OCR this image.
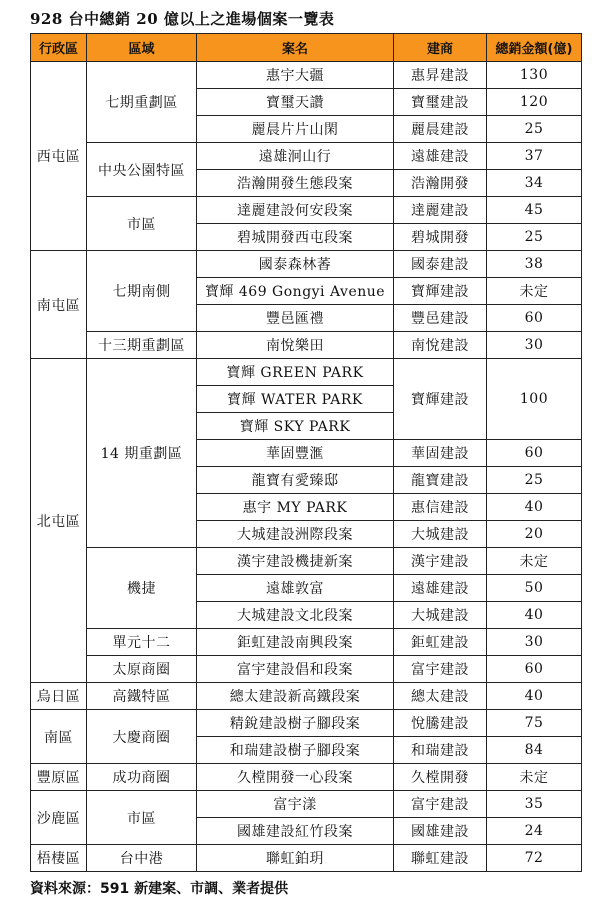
928 台中總銷 20 億以上之進場個案一覽表
行政區	區域	案名	建商	總銷金額(億)
西屯區	七期重劃區	惠宇大疆	惠昇建設	130
		寶璽天讚	寶璽建設	120
		麗晨片片山閑	麗晨建設	25
	中央公園特區	遠雄泂山行	遠雄建設	37
		浩瀚開發生態段案	浩瀚開發	34
	市區	達麗建設何安段案	達麗建設	45
		碧城開發西屯段案	碧城開發	25
南屯區	七期南側	國泰森林萫	國泰建設	38
		寶輝 469 Gongyi Avenue	寶輝建設	未定
		豐邑匯禮	豐邑建設	60
	十三期重劃區	南悅樂田	南悅建設	30
北屯區	14 期重劃區	寶輝 GREEN PARK	寶輝建設	100
		寶輝 WATER PARK		
		寶輝 SKY PARK		
		華固豐滙	華固建設	60
		龍寶有愛臻邸	龍寶建設	25
		惠宇 MY PARK	惠信建設	40
		大城建設洲際段案	大城建設	20
	機捷	漢宇建設機捷新案	漢宇建設	未定
		遠雄敦富	遠雄建設	50
		大城建設文北段案	大城建設	40
	單元十二	鉅虹建設南興段案	鉅虹建設	30
	太原商圈	富宇建設倡和段案	富宇建設	60
烏日區	高鐵特區	總太建設新高鐵段案	總太建設	40
南區	大慶商圈	精銳建設樹子腳段案	悅騰建設	75
		和瑞建設樹子腳段案	和瑞建設	84
豐原區	成功商圈	久樘開發一心段案	久樘開發	未定
沙鹿區	市區	富宇漾	富宇建設	35
		國雄建設紅竹段案	國雄建設	24
梧棲區	台中港	聯虹鉑玥	聯虹建設	72
資料來源：591 新建案、市調、業者提供
